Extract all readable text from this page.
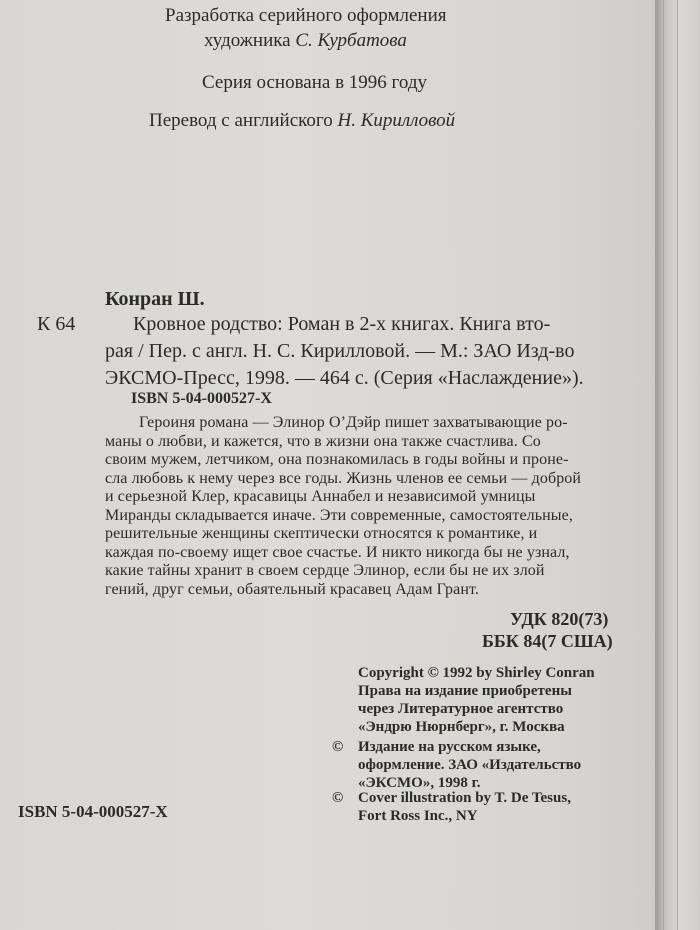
Разработка серийного оформления

художника С. Курбатова

Серия основана в 1996 году

Перевод с английского Н. Кирилловой

Конран Ш.

К 64	Кровное родство: Роман в 2-х книгах. Книга вто-
рая / Пер. с англ. Н. С. Кирилловой. — М.: ЗАО Изд-во
ЭКСМО-Пресс, 1998. — 464 с. (Серия «Наслаждение»).

ISBN 5-04-000527-X

Героиня романа — Элинор О’Дэйр пишет захватывающие ро-
маны о любви, и кажется, что в жизни она также счастлива. Со
своим мужем, летчиком, она познакомилась в годы войны и проне-
сла любовь к нему через все годы. Жизнь членов ее семьи — доброй
и серьезной Клер, красавицы Аннабел и независимой умницы
Миранды складывается иначе. Эти современные, самостоятельные,
решительные женщины скептически относятся к романтике, и
каждая по-своему ищет свое счастье. И никто никогда бы не узнал,
какие тайны хранит в своем сердце Элинор, если бы не их злой
гений, друг семьи, обаятельный красавец Адам Грант.

УДК 820(73)

ББК 84(7 США)

Copyright © 1992 by Shirley Conran
Права на издание приобретены
через Литературное агентство
«Эндрю Нюрнберг», г. Москва
© Издание на русском языке,
оформление. ЗАО «Издательство
«ЭКСМО», 1998 г.
© Cover illustration by T. De Tesus,
Fort Ross Inc., NY

ISBN 5-04-000527-X
